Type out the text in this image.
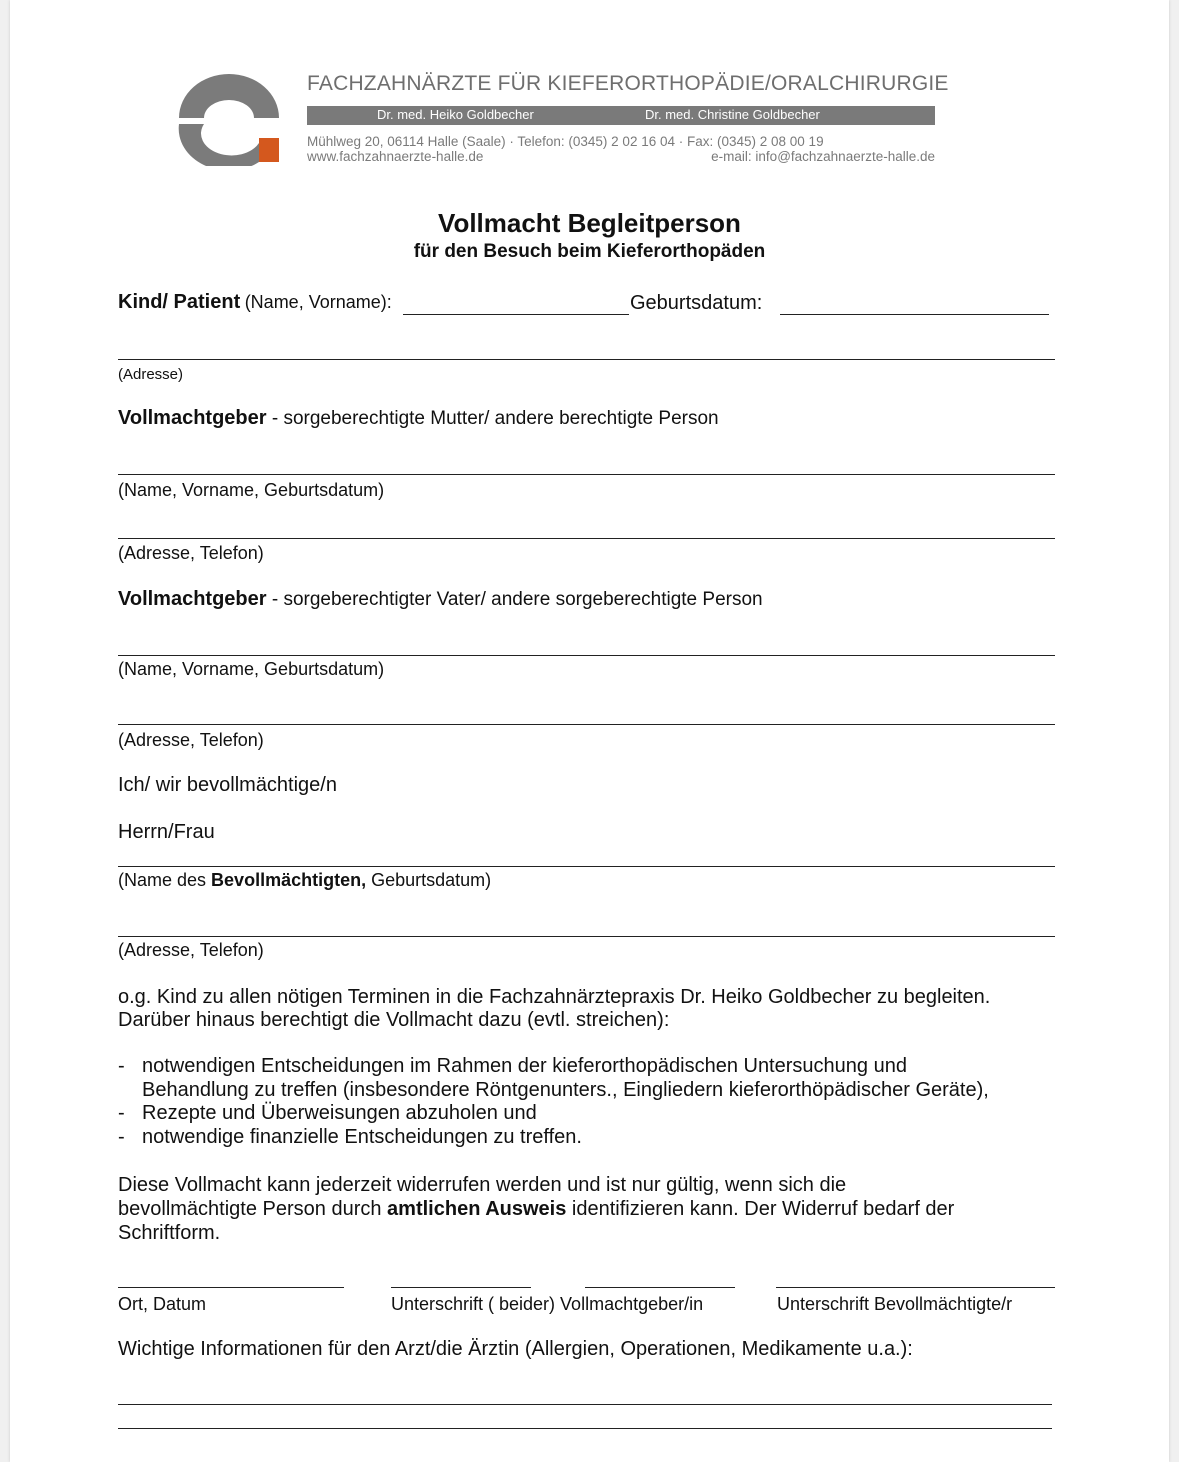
FACHZAHNÄRZTE FÜR KIEFERORTHOPÄDIE/ORALCHIRURGIE
Dr. med. Heiko Goldbecher	Dr. med. Christine Goldbecher
Mühlweg 20, 06114 Halle (Saale) · Telefon: (0345) 2 02 16 04 · Fax: (0345) 2 08 00 19
www.fachzahnaerzte-halle.de	e-mail: info@fachzahnaerzte-halle.de
Vollmacht Begleitperson
für den Besuch beim Kieferorthopäden
Kind/ Patient (Name, Vorname):	Geburtsdatum:
(Adresse)
Vollmachtgeber - sorgeberechtigte Mutter/ andere berechtigte Person
(Name, Vorname, Geburtsdatum)
(Adresse, Telefon)
Vollmachtgeber - sorgeberechtigter Vater/ andere sorgeberechtigte Person
(Name, Vorname, Geburtsdatum)
(Adresse, Telefon)
Ich/ wir bevollmächtige/n
Herrn/Frau
(Name des Bevollmächtigten, Geburtsdatum)
(Adresse, Telefon)
o.g. Kind zu allen nötigen Terminen in die Fachzahnärztepraxis Dr. Heiko Goldbecher zu begleiten.
Darüber hinaus berechtigt die Vollmacht dazu (evtl. streichen):
- notwendigen Entscheidungen im Rahmen der kieferorthopädischen Untersuchung und
Behandlung zu treffen (insbesondere Röntgenunters., Eingliedern kieferorthöpädischer Geräte),
- Rezepte und Überweisungen abzuholen und
- notwendige finanzielle Entscheidungen zu treffen.
Diese Vollmacht kann jederzeit widerrufen werden und ist nur gültig, wenn sich die
bevollmächtigte Person durch amtlichen Ausweis identifizieren kann. Der Widerruf bedarf der
Schriftform.
Ort, Datum	Unterschrift ( beider) Vollmachtgeber/in	Unterschrift Bevollmächtigte/r
Wichtige Informationen für den Arzt/die Ärztin (Allergien, Operationen, Medikamente u.a.):
